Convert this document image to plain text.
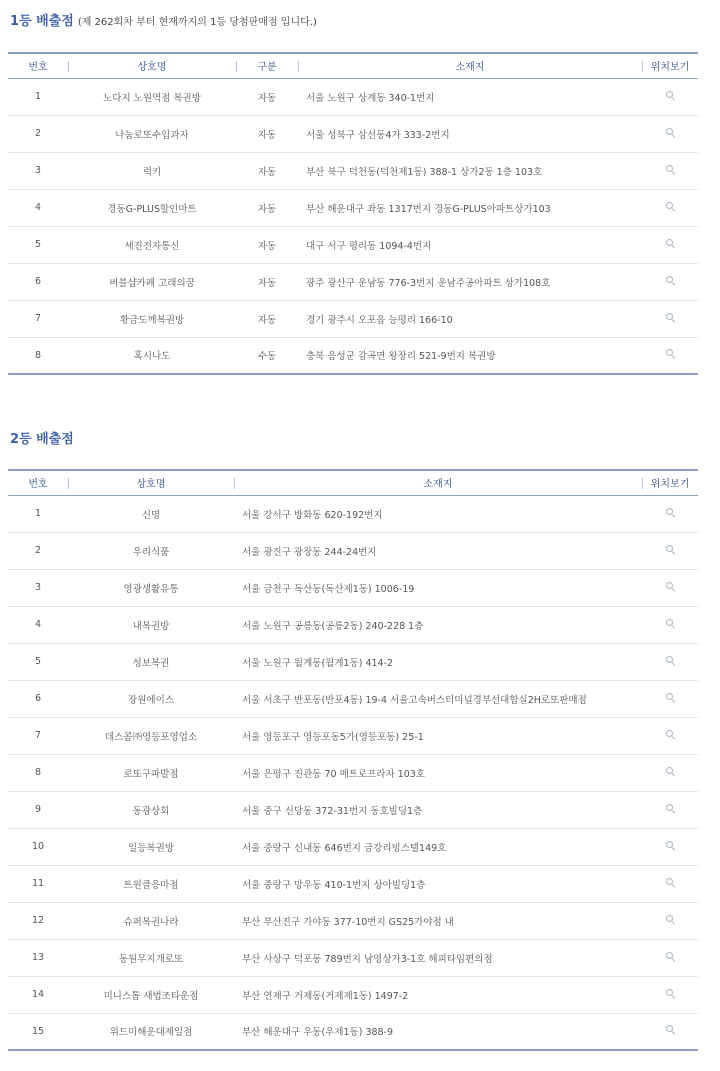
1등 배출점 (제 262회차 부터 현재까지의 1등 당첨판매점 입니다.)
번호	상호명	구분	소재지	위치보기
1	노다지 노원역점 복권방	자동	서울 노원구 상계동 340-1번지	
2	나눔로또수입과자	자동	서울 성북구 삼선동4가 333-2번지	
3	럭키	자동	부산 북구 덕천동(덕천제1동) 388-1 상가2동 1층 103호	
4	경동G-PLUS할인마트	자동	부산 해운대구 좌동 1317번지 경동G-PLUS아파트상가103	
5	세진전자통신	자동	대구 서구 평리동 1094-4번지	
6	버블샵카페 고래의꿈	자동	광주 광산구 운남동 776-3번지 운남주공아파트 상가108호	
7	황금도깨복권방	자동	경기 광주시 오포읍 능평리 166-10	
8	혹시나도	수동	충북 음성군 감곡면 왕장리 521-9번지 복권방	
2등 배출점
번호	상호명	소재지	위치보기
1	신명	서울 강서구 방화동 620-192번지	
2	우리식품	서울 광진구 광장동 244-24번지	
3	영광생활유통	서울 금천구 독산동(독산제1동) 1006-19	
4	내복권방	서울 노원구 공릉동(공릉2동) 240-228 1층	
5	성보복권	서울 노원구 월계동(월계1동) 414-2	
6	장원에이스	서울 서초구 반포동(반포4동) 19-4 서울고속버스터미널경부선대합실2H로또판매점	
7	데스콤㈜영등포영업소	서울 영등포구 영등포동5가(영등포동) 25-1	
8	로또구파발점	서울 은평구 진관동 70 메트로프라자 103호	
9	동광상회	서울 중구 신당동 372-31번지 동호빌딩1층	
10	일등복권방	서울 중랑구 신내동 646번지 금강리빙스텔149호	
11	트윈클응마점	서울 중랑구 망우동 410-1번지 상아빌딩1층	
12	슈퍼복권나라	부산 부산진구 가야동 377-10번지 GS25가야점 내	
13	동원무지개로또	부산 사상구 덕포동 789번지 남영상가3-1호 해피타임편의점	
14	미니스톱 새법조타운점	부산 연제구 거제동(거제제1동) 1497-2	
15	위드미해운대제일점	부산 해운대구 우동(우제1동) 388-9	
